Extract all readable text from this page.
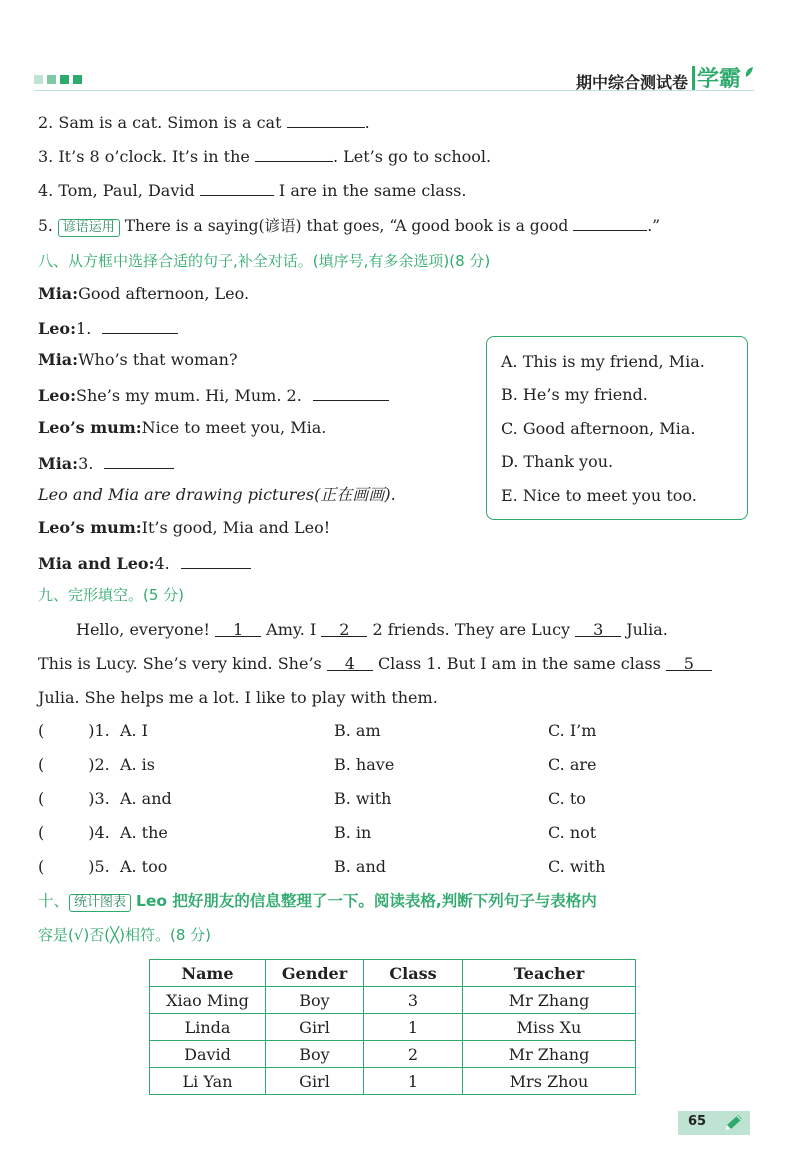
期中综合测试卷 学霸
2. Sam is a cat. Simon is a cat	.
3. It’s 8 o’clock. It’s in the	. Let’s go to school.
4. Tom, Paul, David	I are in the same class.
5. 谚语运用 There is a saying(谚语) that goes, “A good book is a good	.”
八、从方框中选择合适的句子,补全对话。(填序号,有多余选项)(8 分)
Mia:Good afternoon, Leo.
Leo:1.
Mia:Who’s that woman?
Leo:She’s my mum. Hi, Mum. 2.
Leo’s mum:Nice to meet you, Mia.
Mia:3.
Leo and Mia are drawing pictures(正在画画).
Leo’s mum:It’s good, Mia and Leo!
Mia and Leo:4.
A. This is my friend, Mia.
B. He’s my friend.
C. Good afternoon, Mia.
D. Thank you.
E. Nice to meet you too.
九、完形填空。(5 分)
Hello, everyone! 1 Amy. I 2 2 friends. They are Lucy 3 Julia.
This is Lucy. She’s very kind. She’s 4 Class 1. But I am in the same class 5
Julia. She helps me a lot. I like to play with them.
(	)1. A. I	B. am	C. I’m
(	)2. A. is	B. have	C. are
(	)3. A. and	B. with	C. to
(	)4. A. the	B. in	C. not
(	)5. A. too	B. and	C. with
十、 统计图表 Leo 把好朋友的信息整理了一下。阅读表格,判断下列句子与表格内
容是(√)否(╳)相符。(8 分)
Name	Gender	Class	Teacher
Xiao Ming	Boy	3	Mr Zhang
Linda	Girl	1	Miss Xu
David	Boy	2	Mr Zhang
Li Yan	Girl	1	Mrs Zhou
65
